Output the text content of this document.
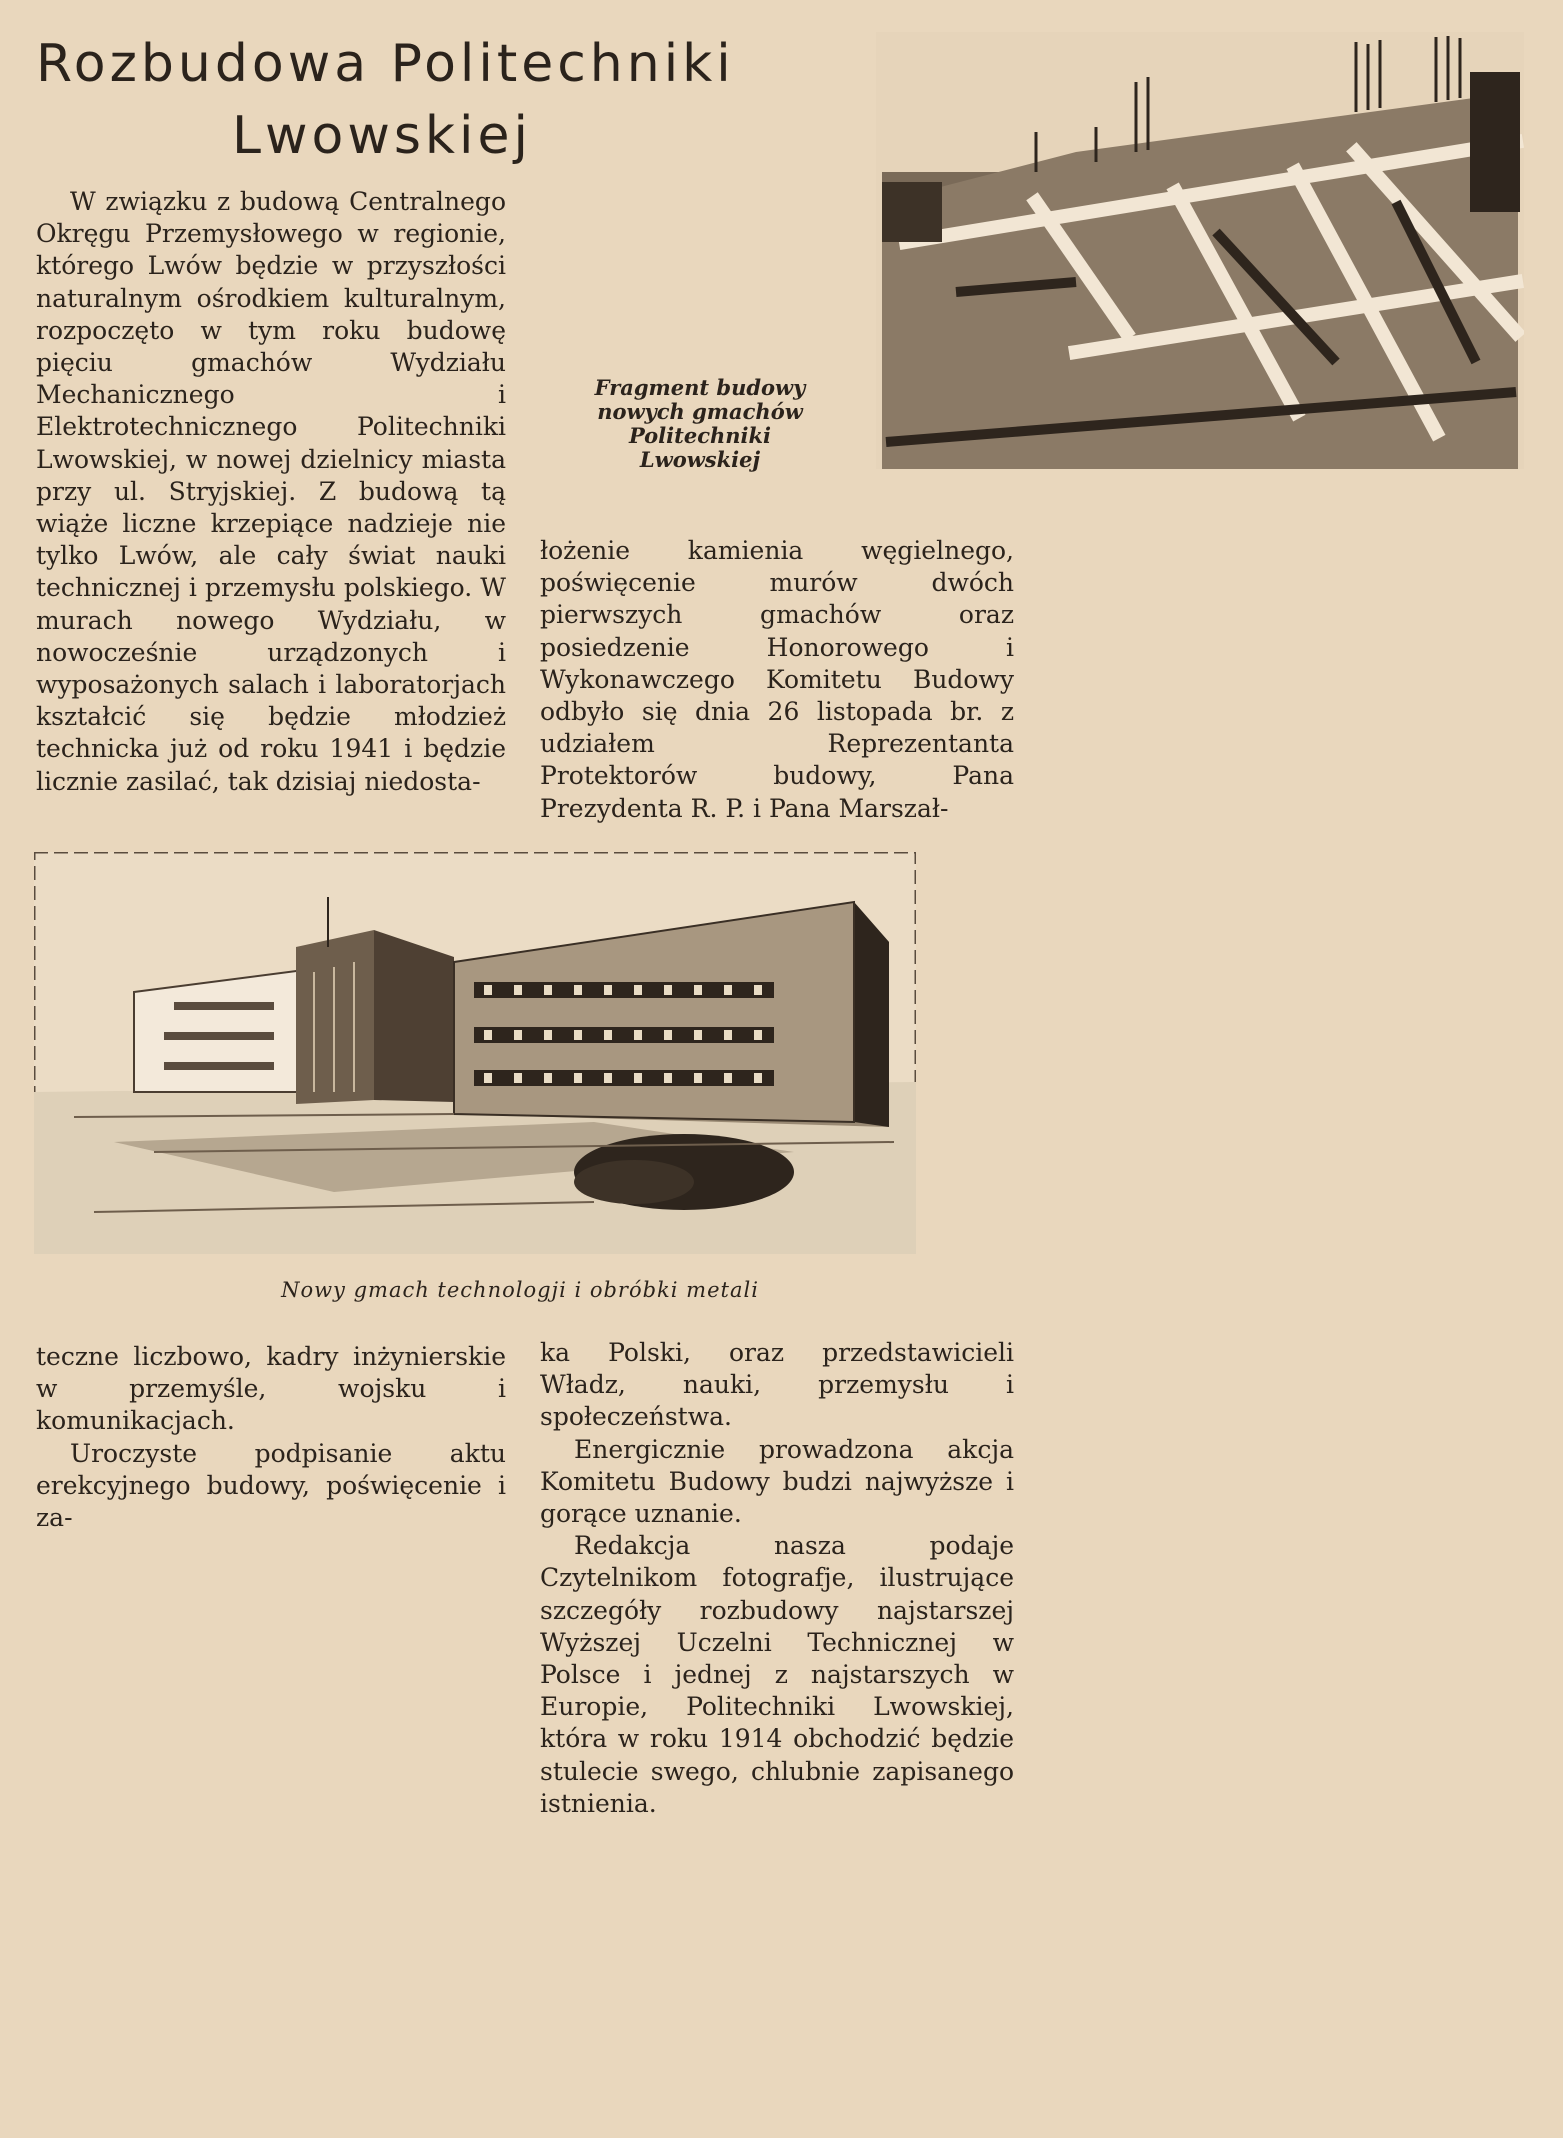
Rozbudowa Politechniki
Lwowskiej

W związku z budową Centralnego Okręgu Przemysłowego w regionie, którego Lwów będzie w przyszłości naturalnym ośrodkiem kulturalnym, rozpoczęto w tym roku budowę pięciu gmachów Wydziału Mechanicznego i Elektrotechnicznego Politechniki Lwowskiej, w nowej dzielnicy miasta przy ul. Stryjskiej. Z budową tą wiąże liczne krzepiące nadzieje nie tylko Lwów, ale cały świat nauki technicznej i przemysłu polskiego. W murach nowego Wydziału, w nowocześnie urządzonych i wyposażonych salach i laboratorjach kształcić się będzie młodzież technicka już od roku 1941 i będzie licznie zasilać, tak dzisiaj niedosta-

Fragment budowy
nowych gmachów
Politechniki
Lwowskiej

łożenie kamienia węgielnego, poświęcenie murów dwóch pierwszych gmachów oraz posiedzenie Honorowego i Wykonawczego Komitetu Budowy odbyło się dnia 26 listopada br. z udziałem Reprezentanta Protektorów budowy, Pana Prezydenta R. P. i Pana Marszał-

Nowy gmach technologji i obróbki metali

teczne liczbowo, kadry inżynierskie w przemyśle, wojsku i komunikacjach.

Uroczyste podpisanie aktu erekcyjnego budowy, poświęcenie i za-

ka Polski, oraz przedstawicieli Władz, nauki, przemysłu i społeczeństwa.

Energicznie prowadzona akcja Komitetu Budowy budzi najwyższe i gorące uznanie.

Redakcja nasza podaje Czytelnikom fotografje, ilustrujące szczegóły rozbudowy najstarszej Wyższej Uczelni Technicznej w Polsce i jednej z najstarszych w Europie, Politechniki Lwowskiej, która w roku 1914 obchodzić będzie stulecie swego, chlubnie zapisanego istnienia.
